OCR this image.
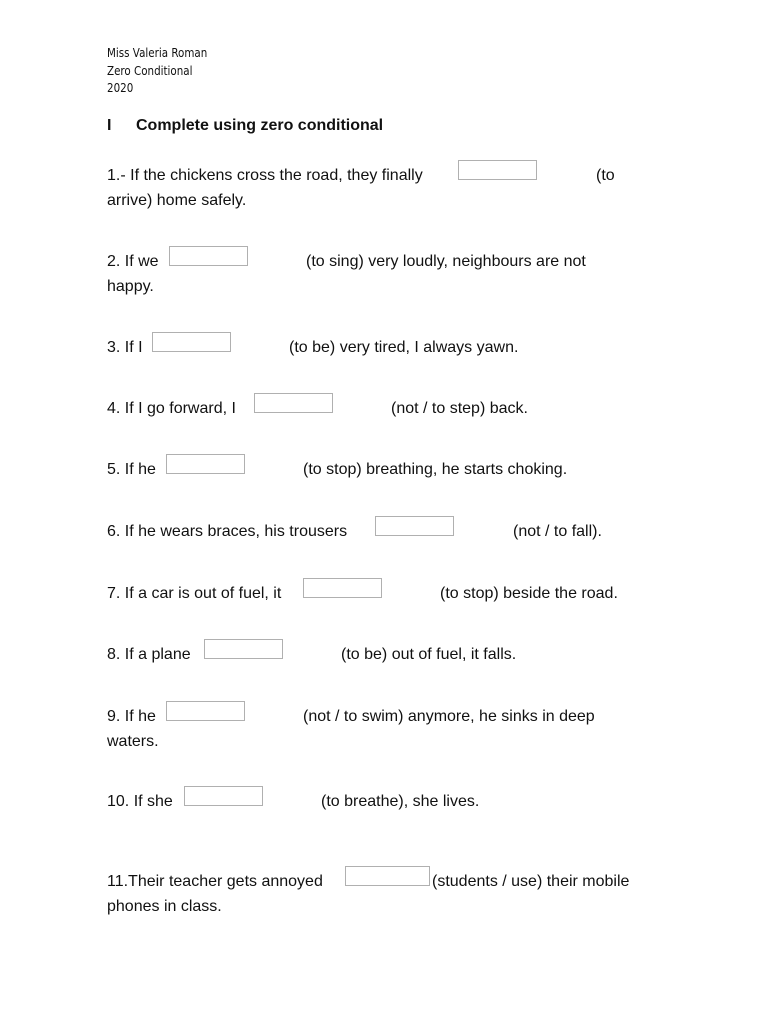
Miss Valeria Roman
Zero Conditional
2020
I Complete using zero conditional
1.- If the chickens cross the road, they finally	(to

arrive) home safely.
2. If we	(to sing) very loudly, neighbours are not

happy.
3. If I	(to be) very tired, I always yawn.
4. If I go forward, I	(not / to step) back.
5. If he	(to stop) breathing, he starts choking.
6. If he wears braces, his trousers	(not / to fall).
7. If a car is out of fuel, it	(to stop) beside the road.
8. If a plane	(to be) out of fuel, it falls.
9. If he	(not / to swim) anymore, he sinks in deep

waters.
10. If she	(to breathe), she lives.
11.Their teacher gets annoyed	(students / use) their mobile

phones in class.
